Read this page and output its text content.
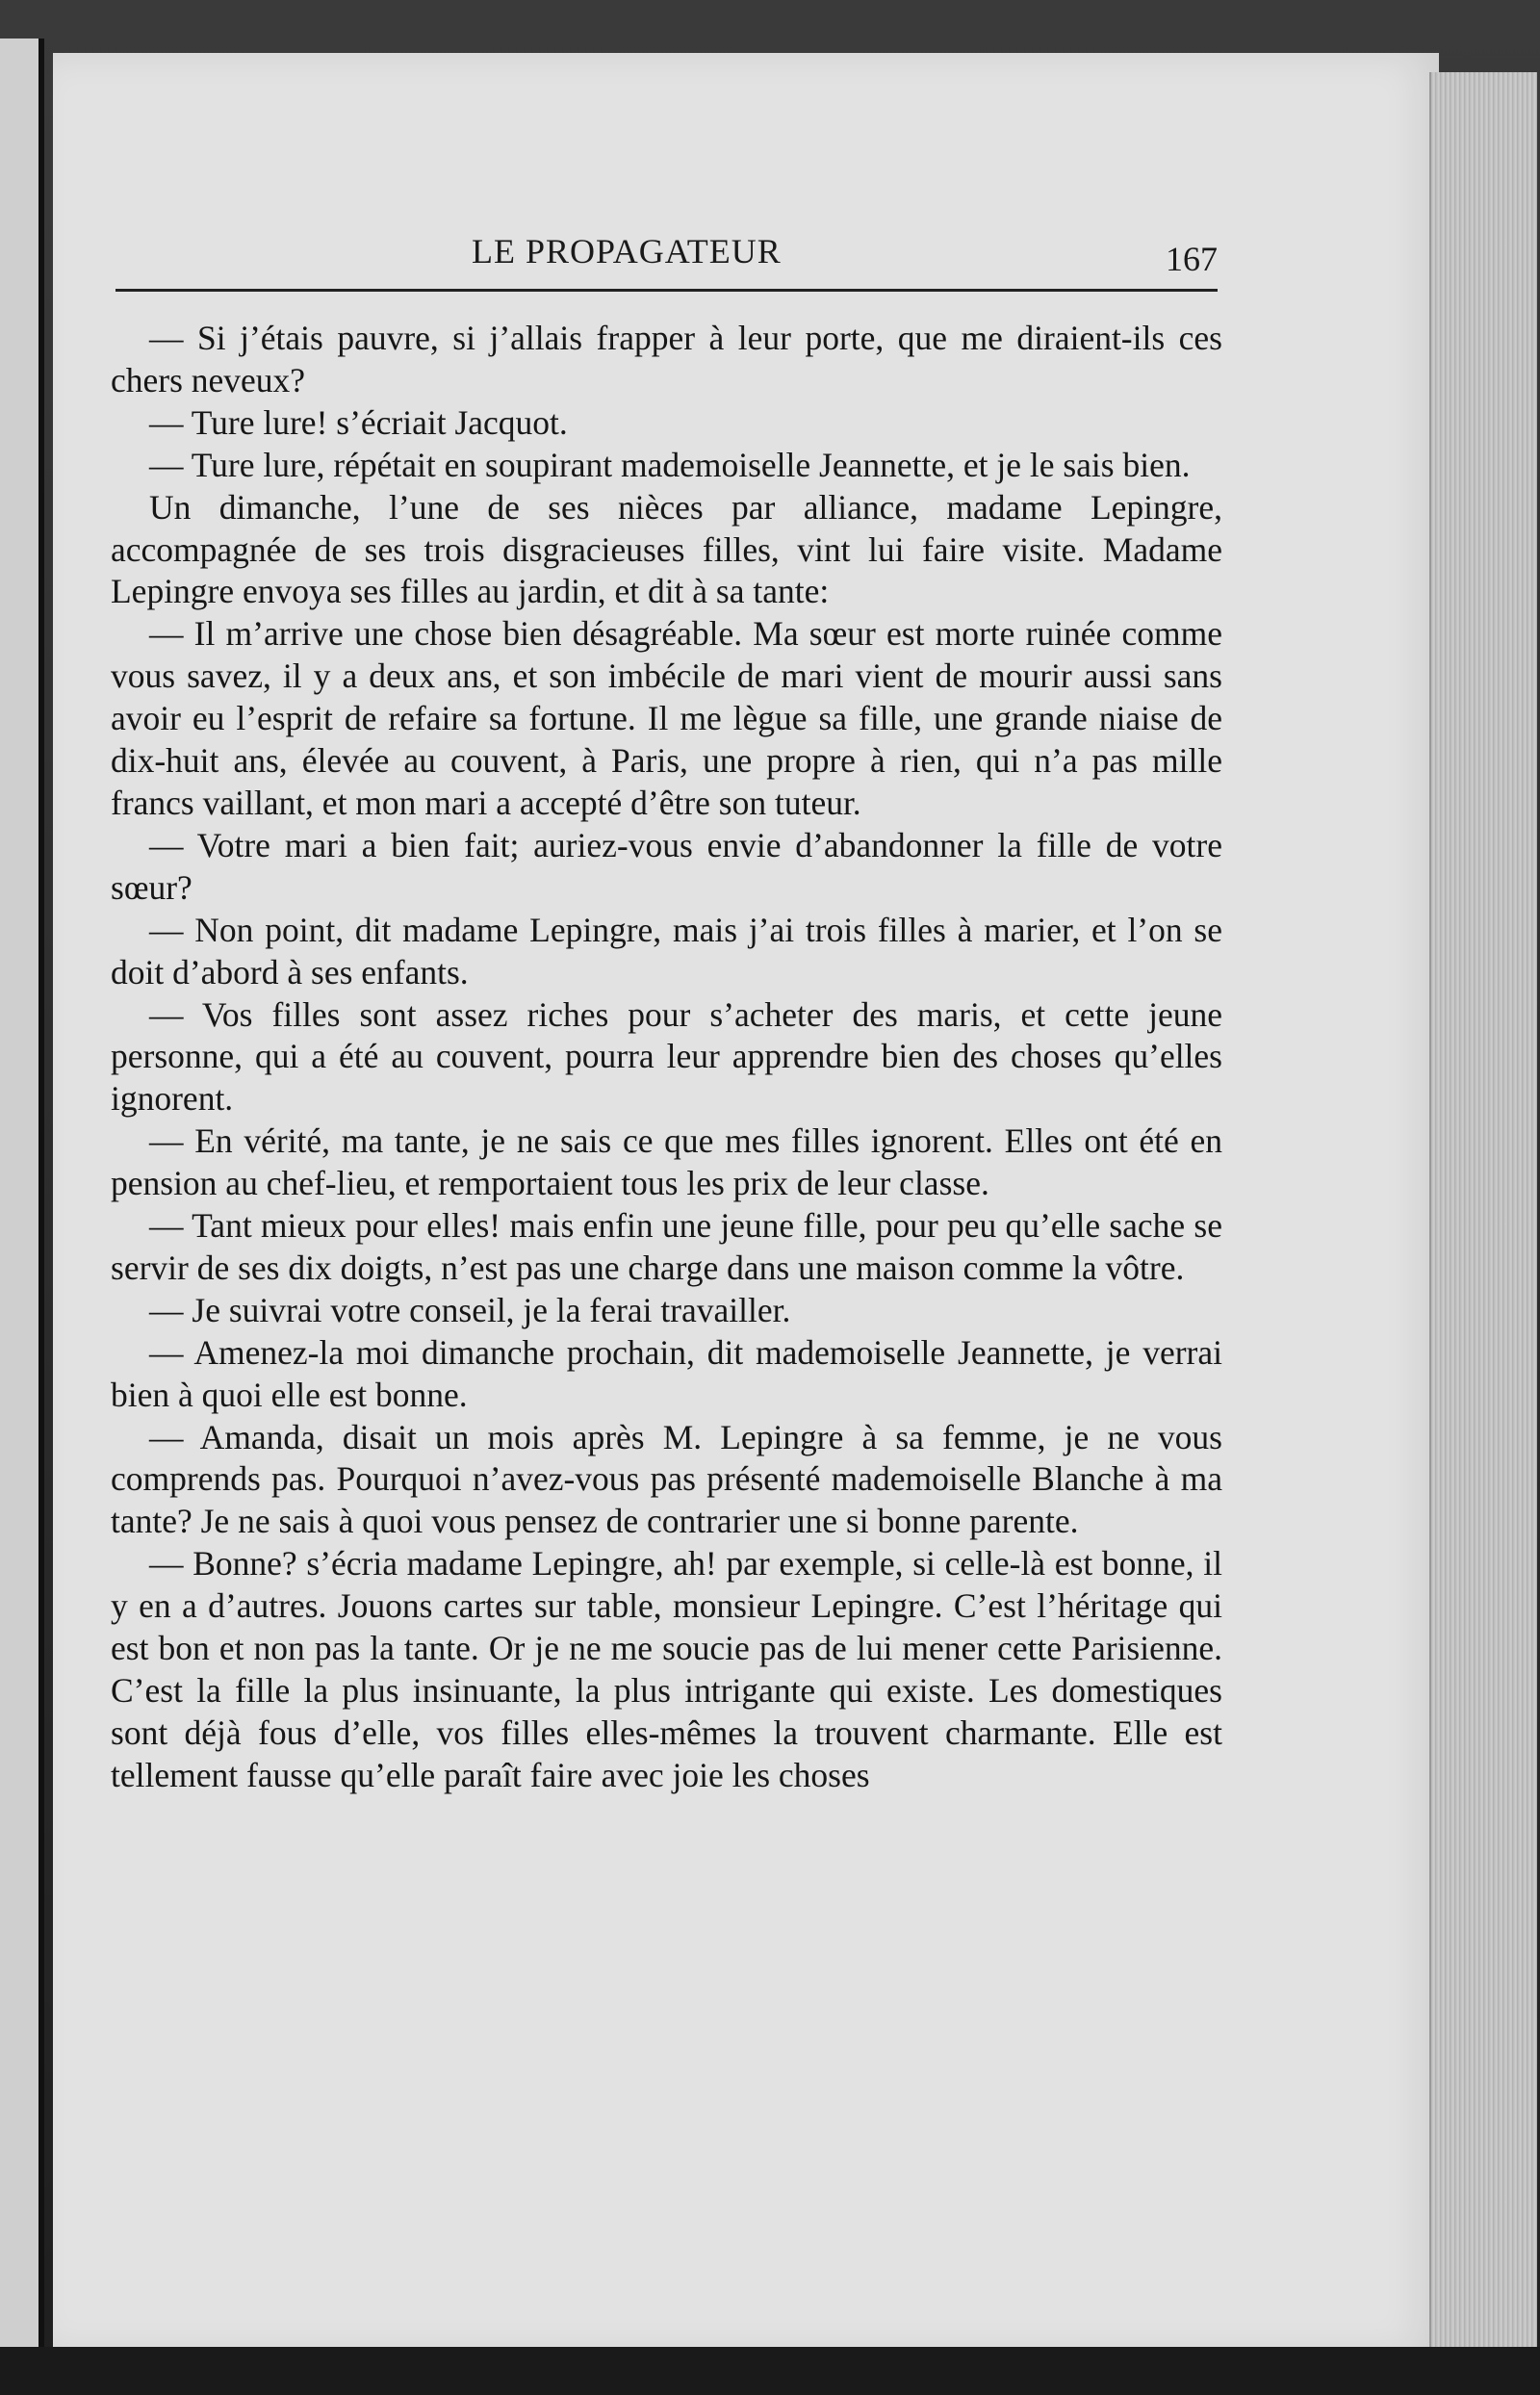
LE PROPAGATEUR	167

— Si j’étais pauvre, si j’allais frapper à leur porte, que me diraient-ils ces chers neveux?

— Ture lure! s’écriait Jacquot.

— Ture lure, répétait en soupirant mademoiselle Jeannette, et je le sais bien.

Un dimanche, l’une de ses nièces par alliance, madame Lepingre, accompagnée de ses trois disgracieuses filles, vint lui faire visite. Madame Lepingre envoya ses filles au jardin, et dit à sa tante:

— Il m’arrive une chose bien désagréable. Ma sœur est morte ruinée comme vous savez, il y a deux ans, et son imbécile de mari vient de mourir aussi sans avoir eu l’esprit de refaire sa fortune. Il me lègue sa fille, une grande niaise de dix-huit ans, élevée au couvent, à Paris, une propre à rien, qui n’a pas mille francs vaillant, et mon mari a accepté d’être son tuteur.

— Votre mari a bien fait; auriez-vous envie d’abandonner la fille de votre sœur?

— Non point, dit madame Lepingre, mais j’ai trois filles à marier, et l’on se doit d’abord à ses enfants.

— Vos filles sont assez riches pour s’acheter des maris, et cette jeune personne, qui a été au couvent, pourra leur apprendre bien des choses qu’elles ignorent.

— En vérité, ma tante, je ne sais ce que mes filles ignorent. Elles ont été en pension au chef-lieu, et remportaient tous les prix de leur classe.

— Tant mieux pour elles! mais enfin une jeune fille, pour peu qu’elle sache se servir de ses dix doigts, n’est pas une charge dans une maison comme la vôtre.

— Je suivrai votre conseil, je la ferai travailler.

— Amenez-la moi dimanche prochain, dit mademoiselle Jeannette, je verrai bien à quoi elle est bonne.

— Amanda, disait un mois après M. Lepingre à sa femme, je ne vous comprends pas. Pourquoi n’avez-vous pas présenté mademoiselle Blanche à ma tante? Je ne sais à quoi vous pensez de contrarier une si bonne parente.

— Bonne? s’écria madame Lepingre, ah! par exemple, si celle-là est bonne, il y en a d’autres. Jouons cartes sur table, monsieur Lepingre. C’est l’héritage qui est bon et non pas la tante. Or je ne me soucie pas de lui mener cette Parisienne. C’est la fille la plus insinuante, la plus intrigante qui existe. Les domestiques sont déjà fous d’elle, vos filles elles-mêmes la trouvent charmante. Elle est tellement fausse qu’elle paraît faire avec joie les choses
